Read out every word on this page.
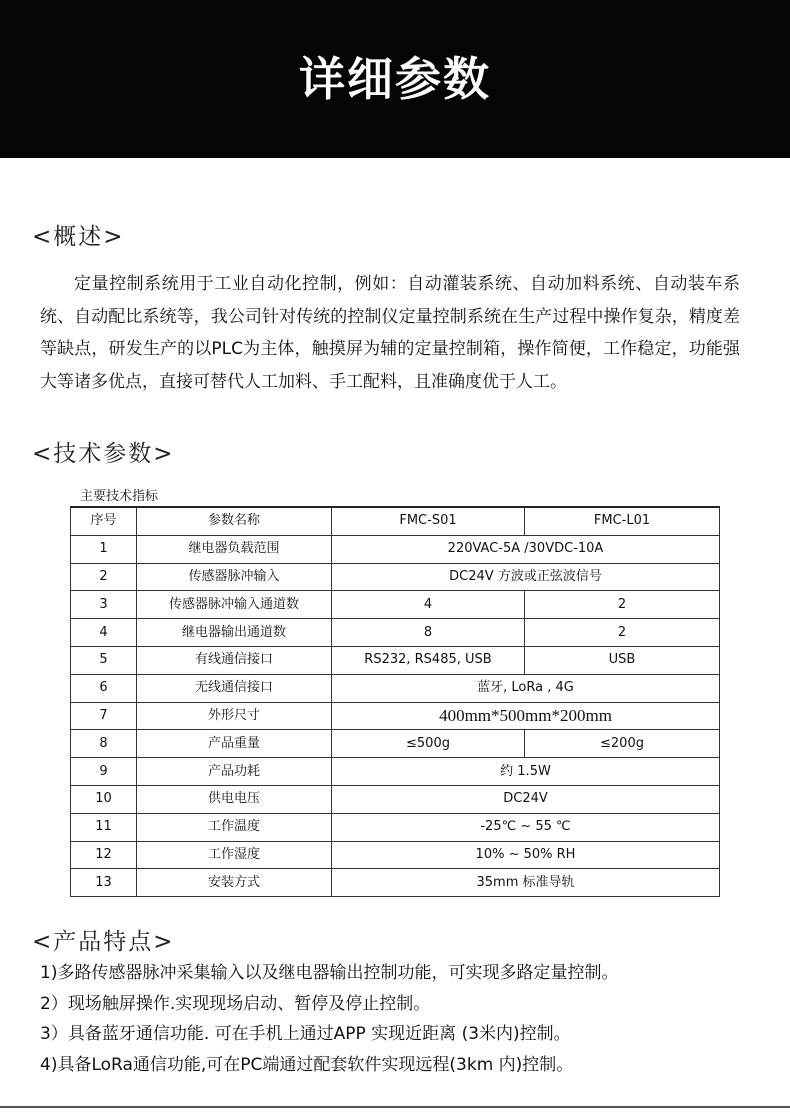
详细参数
<概述>

定量控制系统用于工业自动化控制，例如：自动灌装系统、自动加料系统、自动装车系统、自动配比系统等，我公司针对传统的控制仪定量控制系统在生产过程中操作复杂，精度差等缺点，研发生产的以PLC为主体，触摸屏为辅的定量控制箱，操作简便，工作稳定，功能强大等诸多优点，直接可替代人工加料、手工配料，且准确度优于人工。

<技术参数>
主要技术指标
序号	参数名称	FMC-S01	FMC-L01
1	继电器负载范围	220VAC-5A /30VDC-10A	
2	传感器脉冲输入	DC24V 方波或正弦波信号	
3	传感器脉冲输入通道数	4	2
4	继电器输出通道数	8	2
5	有线通信接口	RS232, RS485, USB	USB
6	无线通信接口	蓝牙, LoRa , 4G	
7	外形尺寸	400mm*500mm*200mm	
8	产品重量	≤500g	≤200g
9	产品功耗	约 1.5W	
10	供电电压	DC24V	
11	工作温度	-25℃ ~ 55 ℃	
12	工作湿度	10% ~ 50% RH	
13	安装方式	35mm 标准导轨	
<产品特点>
1)多路传感器脉冲采集输入以及继电器输出控制功能，可实现多路定量控制。
2）现场触屏操作.实现现场启动、暂停及停止控制。
3）具备蓝牙通信功能. 可在手机上通过APP 实现近距离 (3米内)控制。
4)具备LoRa通信功能,可在PC端通过配套软件实现远程(3km 内)控制。
